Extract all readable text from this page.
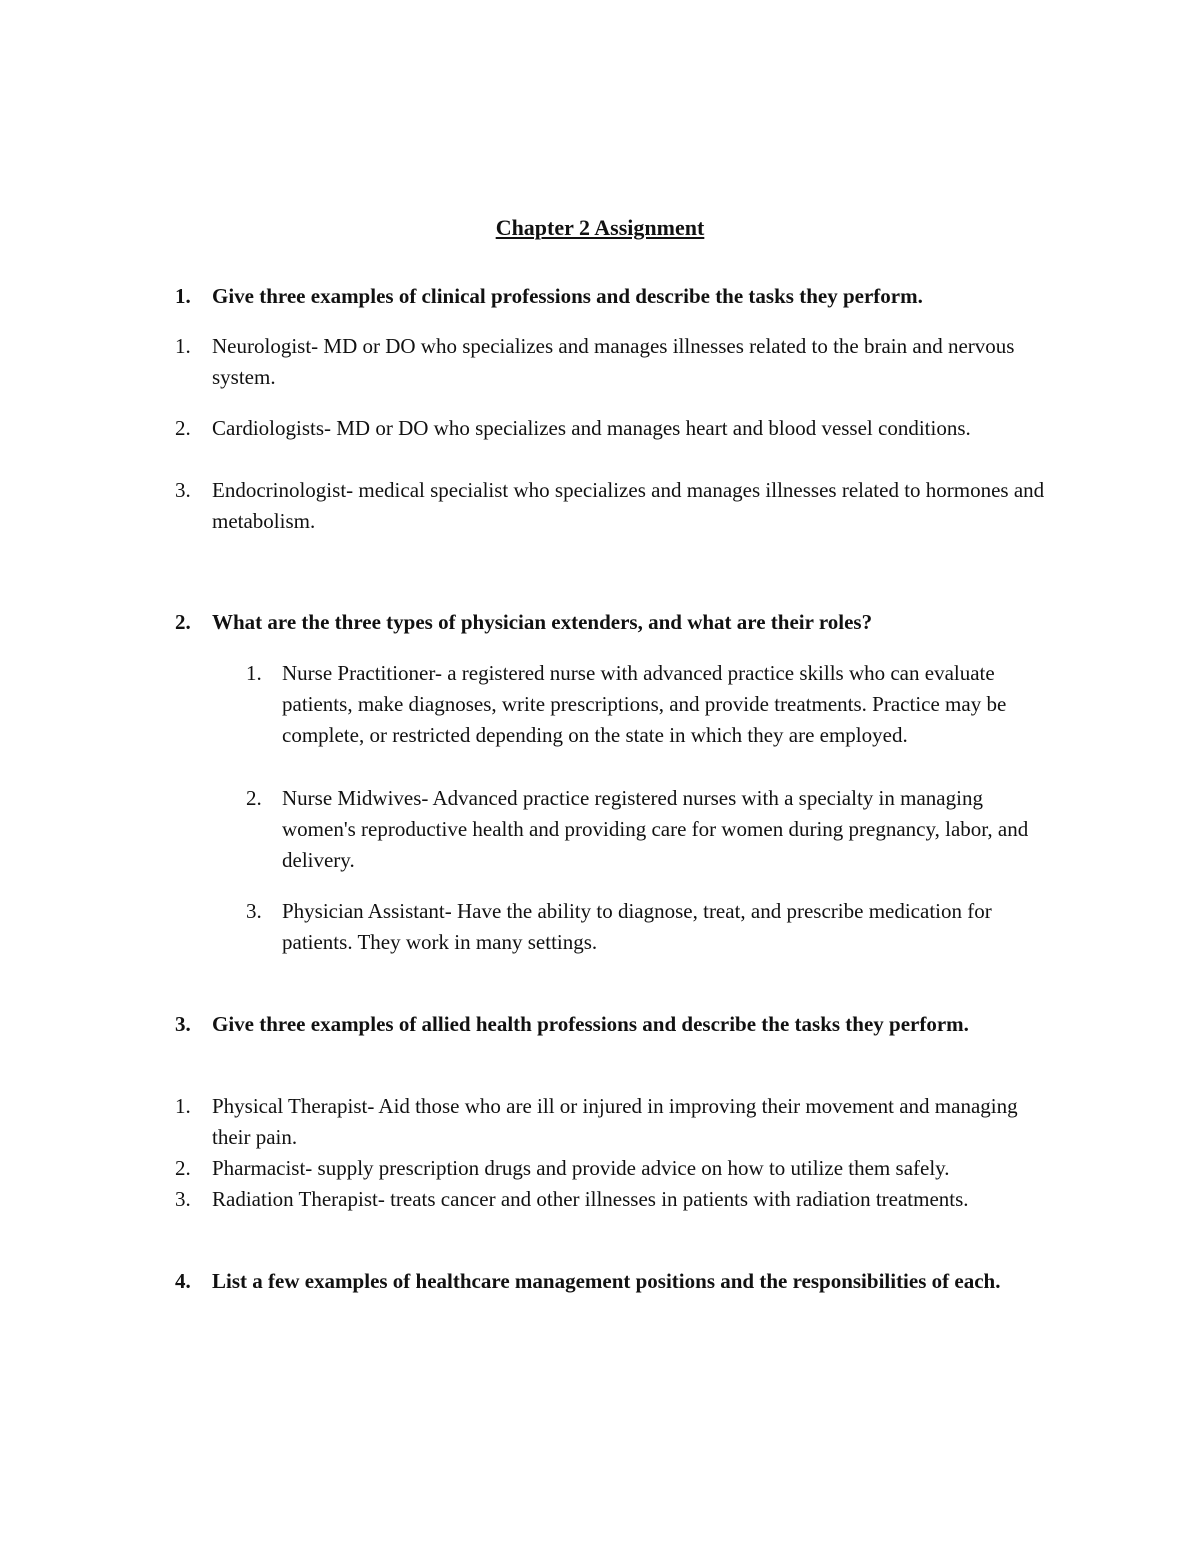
Chapter 2 Assignment
1. Give three examples of clinical professions and describe the tasks they perform.
1. Neurologist- MD or DO who specializes and manages illnesses related to the brain and nervous system.
2. Cardiologists- MD or DO who specializes and manages heart and blood vessel conditions.
3. Endocrinologist- medical specialist who specializes and manages illnesses related to hormones and metabolism.
2. What are the three types of physician extenders, and what are their roles?
1. Nurse Practitioner- a registered nurse with advanced practice skills who can evaluate patients, make diagnoses, write prescriptions, and provide treatments. Practice may be complete, or restricted depending on the state in which they are employed.
2. Nurse Midwives- Advanced practice registered nurses with a specialty in managing women's reproductive health and providing care for women during pregnancy, labor, and delivery.
3. Physician Assistant- Have the ability to diagnose, treat, and prescribe medication for patients. They work in many settings.
3. Give three examples of allied health professions and describe the tasks they perform.
1. Physical Therapist- Aid those who are ill or injured in improving their movement and managing their pain.
2. Pharmacist- supply prescription drugs and provide advice on how to utilize them safely.
3. Radiation Therapist- treats cancer and other illnesses in patients with radiation treatments.
4. List a few examples of healthcare management positions and the responsibilities of each.
